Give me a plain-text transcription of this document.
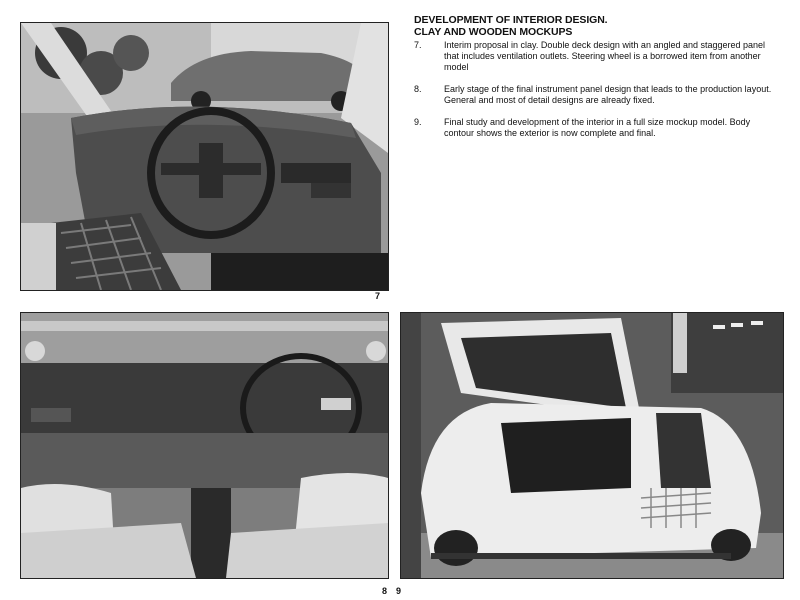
7
DEVELOPMENT OF INTERIOR DESIGN.
CLAY AND WOODEN MOCKUPS
7.	Interim proposal in clay. Double deck design with an angled and staggered panel that includes ventilation outlets. Steering wheel is a borrowed item from another model
8.	Early stage of the final instrument panel design that leads to the production layout. General and most of detail designs are already fixed.
9.	Final study and development of the interior in a full size mockup model. Body contour shows the exterior is now complete and final.
8 9
